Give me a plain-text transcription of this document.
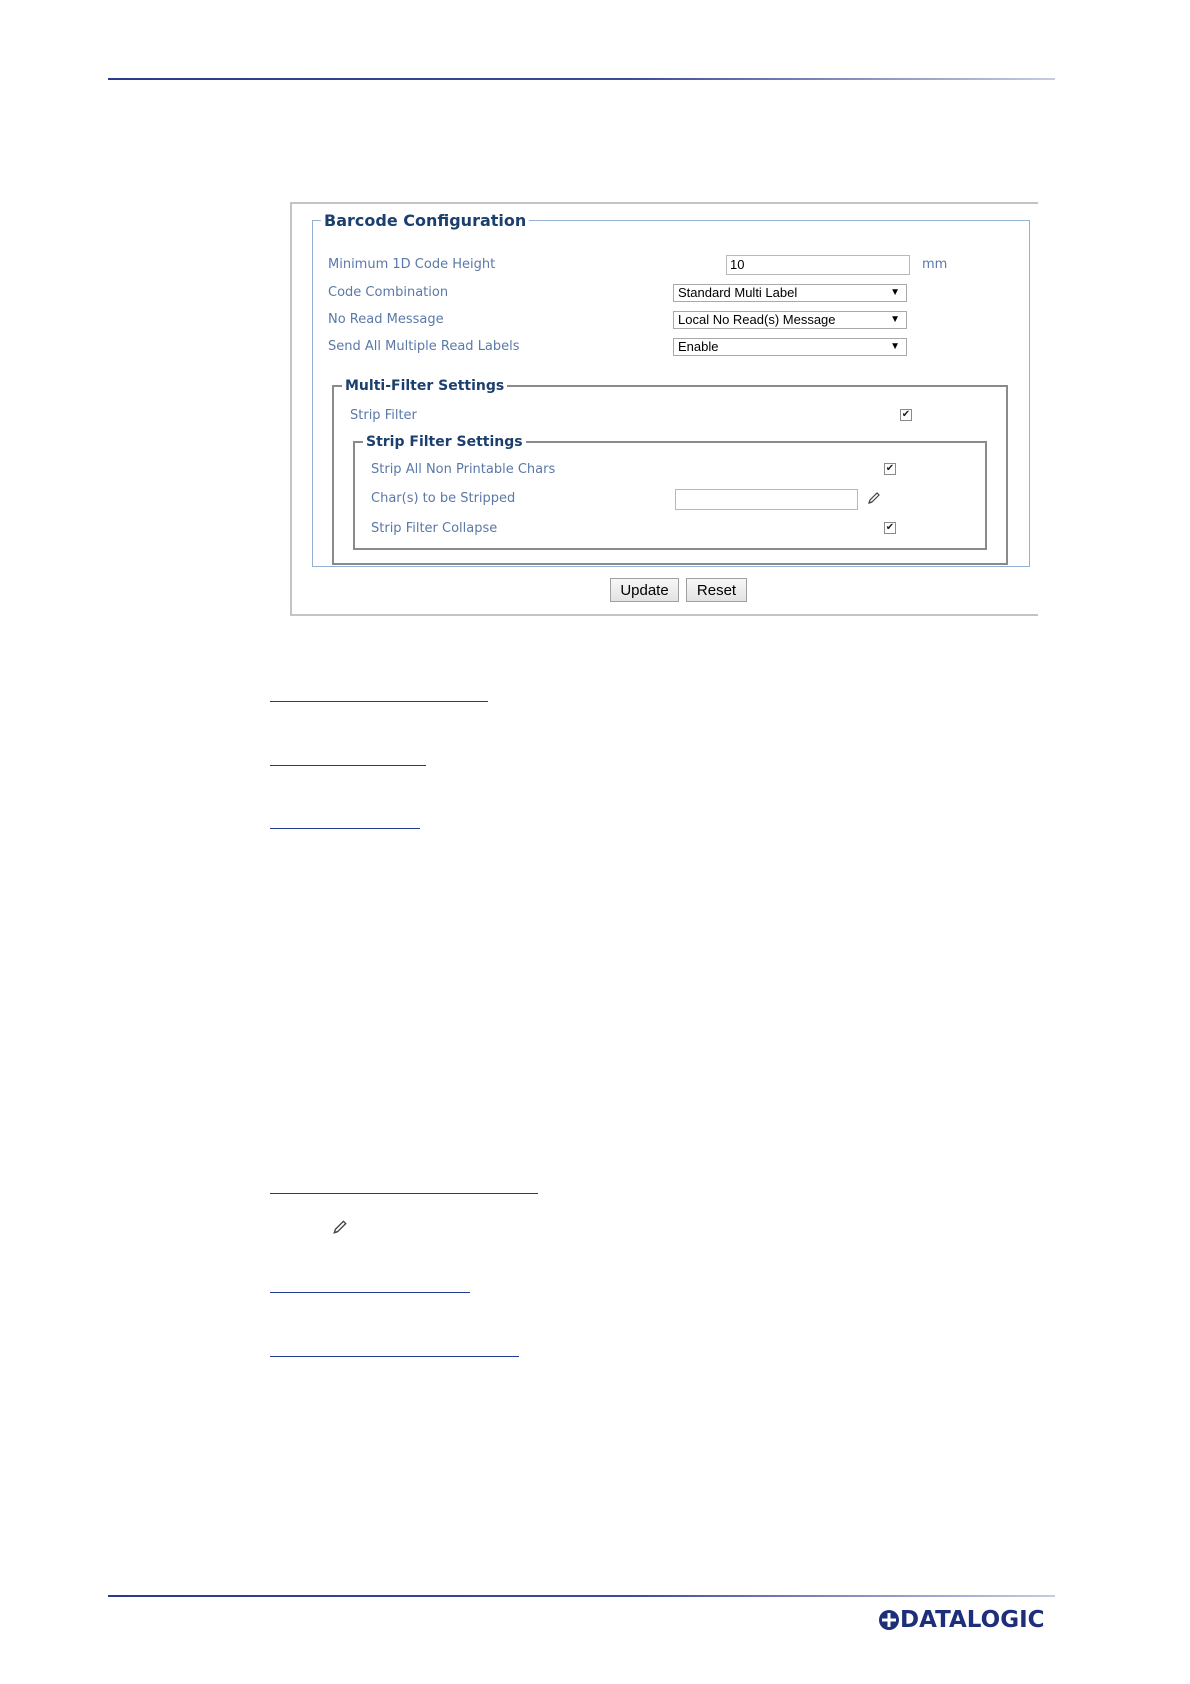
Barcode Configuration
Minimum 1D Code Height	10	mm
Code Combination	Standard Multi Label	▼
No Read Message	Local No Read(s) Message	▼
Send All Multiple Read Labels	Enable	▼
Multi-Filter Settings
Strip Filter	✔
Strip Filter Settings
Strip All Non Printable Chars	✔
Char(s) to be Stripped
Strip Filter Collapse	✔
Update	Reset
DATALOGIC
